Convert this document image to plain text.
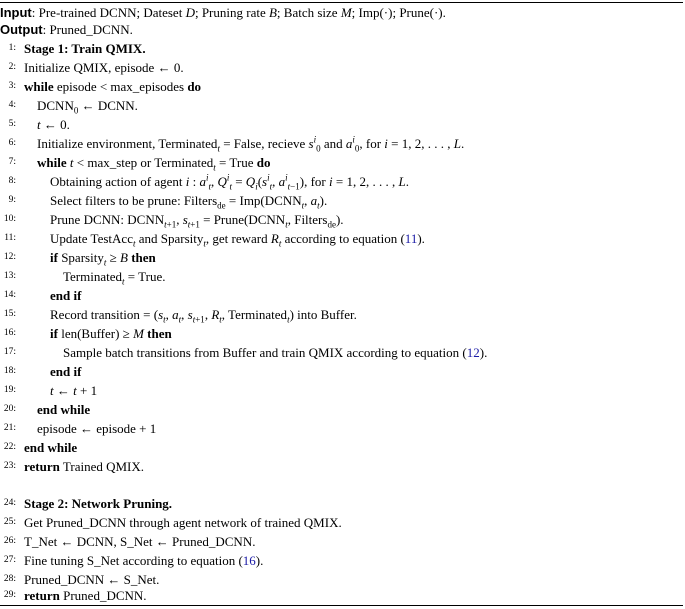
Input: Pre-trained DCNN; Dateset D; Pruning rate B; Batch size M; Imp(·); Prune(·).
Output: Pruned_DCNN.
1: Stage 1: Train QMIX.
2: Initialize QMIX, episode ← 0.
3: while episode < max_episodes do
4: $DCNN_0$ ← DCNN.
5: t ← 0.
6: Initialize environment, Terminated$_t$ = False, recieve $s^i_0$ and $a^i_0$, for i = 1, 2, . . . , L.
7: while t < max_step or Terminated$_t$ = True do
8:	Obtaining action of agent i : $a^i_t$, $Q^i_t = Q_i(s^i_t$, $a^i_{t-1}$), for i = 1, 2, . . . , L.
9:	Select filters to be prune: Filters$_{de}$ = $Imp(DCNN_t$, $a_t$).
10:	Prune DCNN: $DCNN_{t+1}$, $s_{t+1}$ = $Prune(DCNN_t$, Filters$_{de}$).
11:	Update TestAcc$_t$ and Sparsity$_t$, get reward $R_t$ according to equation (11).
12:	if Sparsity$_t$ ≥ B then
13:	Terminated$_t$ = True.
14:	end if
15:	Record transition = ($s_t$, $a_t$, $s_{t+1}$, $R_t$, Terminated$_t$) into Buffer.
16:	if len(Buffer) ≥ M then
17:	Sample batch transitions from Buffer and train QMIX according to equation (12).
18:	end if
19:	t ← t + 1
20: end while
21: episode ← episode + 1
22: end while
23: return Trained QMIX.
24: Stage 2: Network Pruning.
25: Get Pruned_DCNN through agent network of trained QMIX.
26: T_Net ← DCNN, S_Net ← Pruned_DCNN.
27: Fine tuning S_Net according to equation (16).
28: Pruned_DCNN ← S_Net.
29: return Pruned_DCNN.
